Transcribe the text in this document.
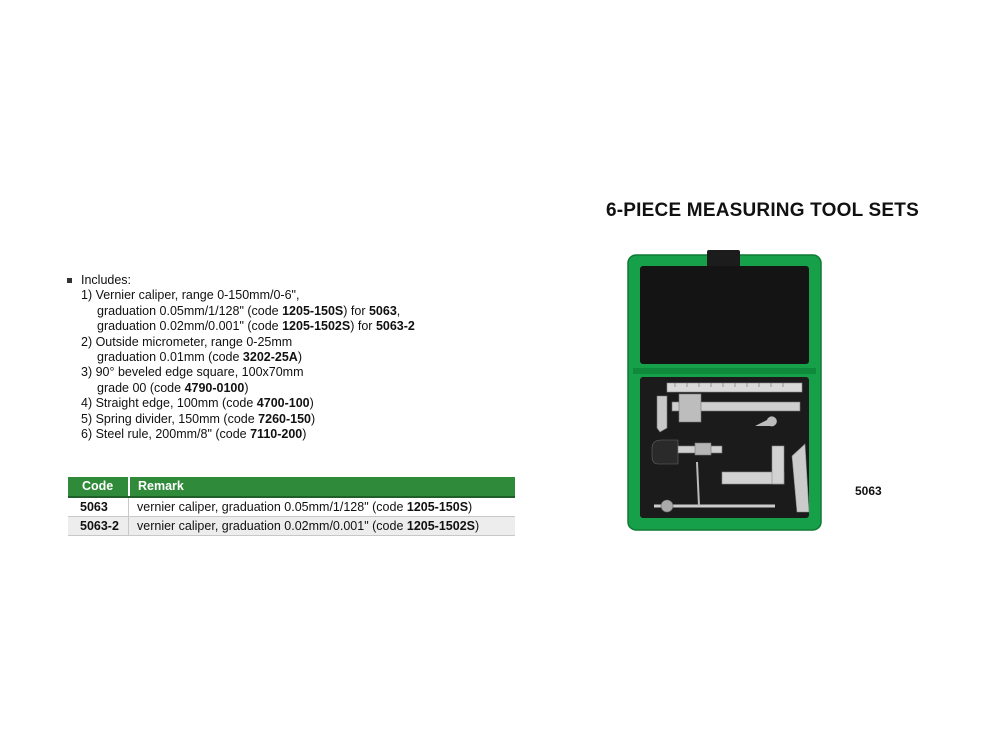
6-PIECE MEASURING TOOL SETS
Includes:
1) Vernier caliper, range 0-150mm/0-6",
graduation 0.05mm/1/128" (code 1205-150S) for 5063,
graduation 0.02mm/0.001" (code 1205-1502S) for 5063-2
2) Outside micrometer, range 0-25mm
graduation 0.01mm (code 3202-25A)
3) 90° beveled edge square, 100x70mm
grade 00 (code 4790-0100)
4) Straight edge, 100mm (code 4700-100)
5) Spring divider, 150mm (code 7260-150)
6) Steel rule, 200mm/8" (code 7110-200)
Code	Remark
5063	vernier caliper, graduation 0.05mm/1/128" (code 1205-150S)
5063-2	vernier caliper, graduation 0.02mm/0.001" (code 1205-1502S)
5063
